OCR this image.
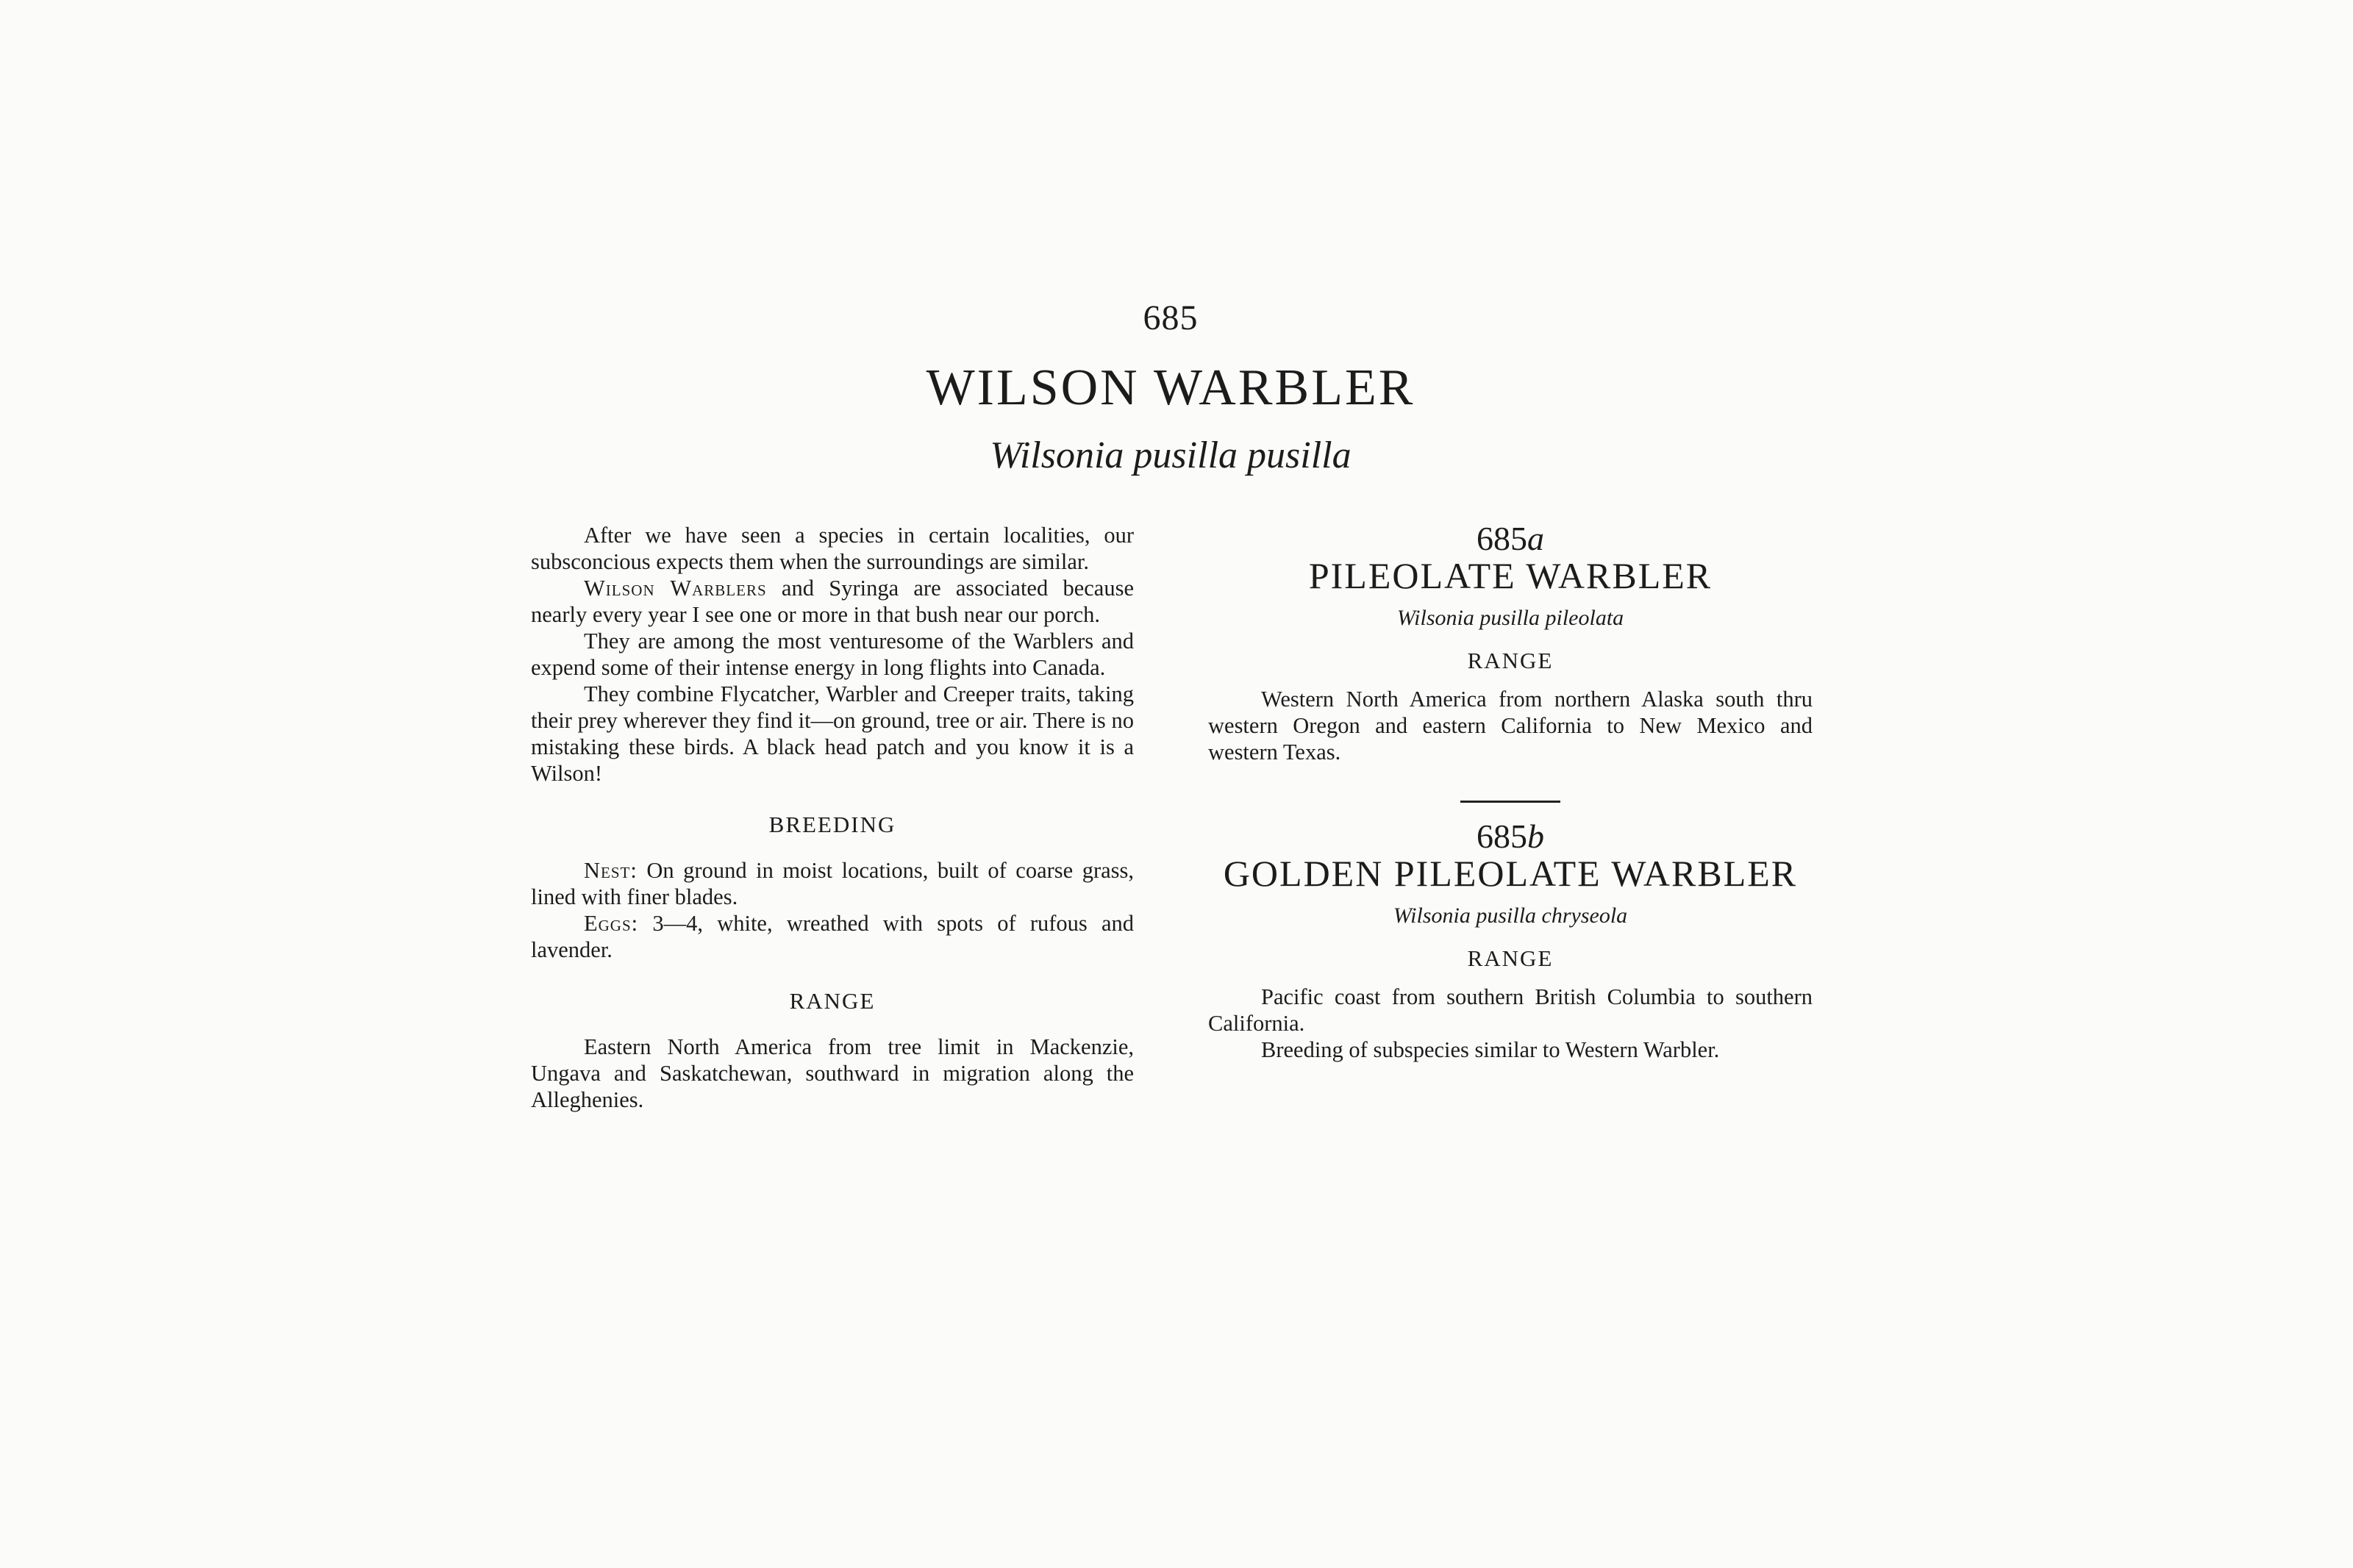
685
WILSON WARBLER
Wilsonia pusilla pusilla

After we have seen a species in certain localities, our subsconcious expects them when the surroundings are similar.

Wilson Warblers and Syringa are associated because nearly every year I see one or more in that bush near our porch.

They are among the most venturesome of the Warblers and expend some of their intense energy in long flights into Canada.

They combine Flycatcher, Warbler and Creeper traits, taking their prey wherever they find it—on ground, tree or air. There is no mistaking these birds. A black head patch and you know it is a Wilson!

BREEDING

Nest: On ground in moist locations, built of coarse grass, lined with finer blades.

Eggs: 3—4, white, wreathed with spots of rufous and lavender.

RANGE

Eastern North America from tree limit in Mackenzie, Ungava and Saskatchewan, southward in migration along the Alleghenies.

685a

PILEOLATE WARBLER

Wilsonia pusilla pileolata

RANGE

Western North America from northern Alaska south thru western Oregon and eastern California to New Mexico and western Texas.

685b

GOLDEN PILEOLATE WARBLER

Wilsonia pusilla chryseola

RANGE

Pacific coast from southern British Columbia to southern California.

Breeding of subspecies similar to Western Warbler.
